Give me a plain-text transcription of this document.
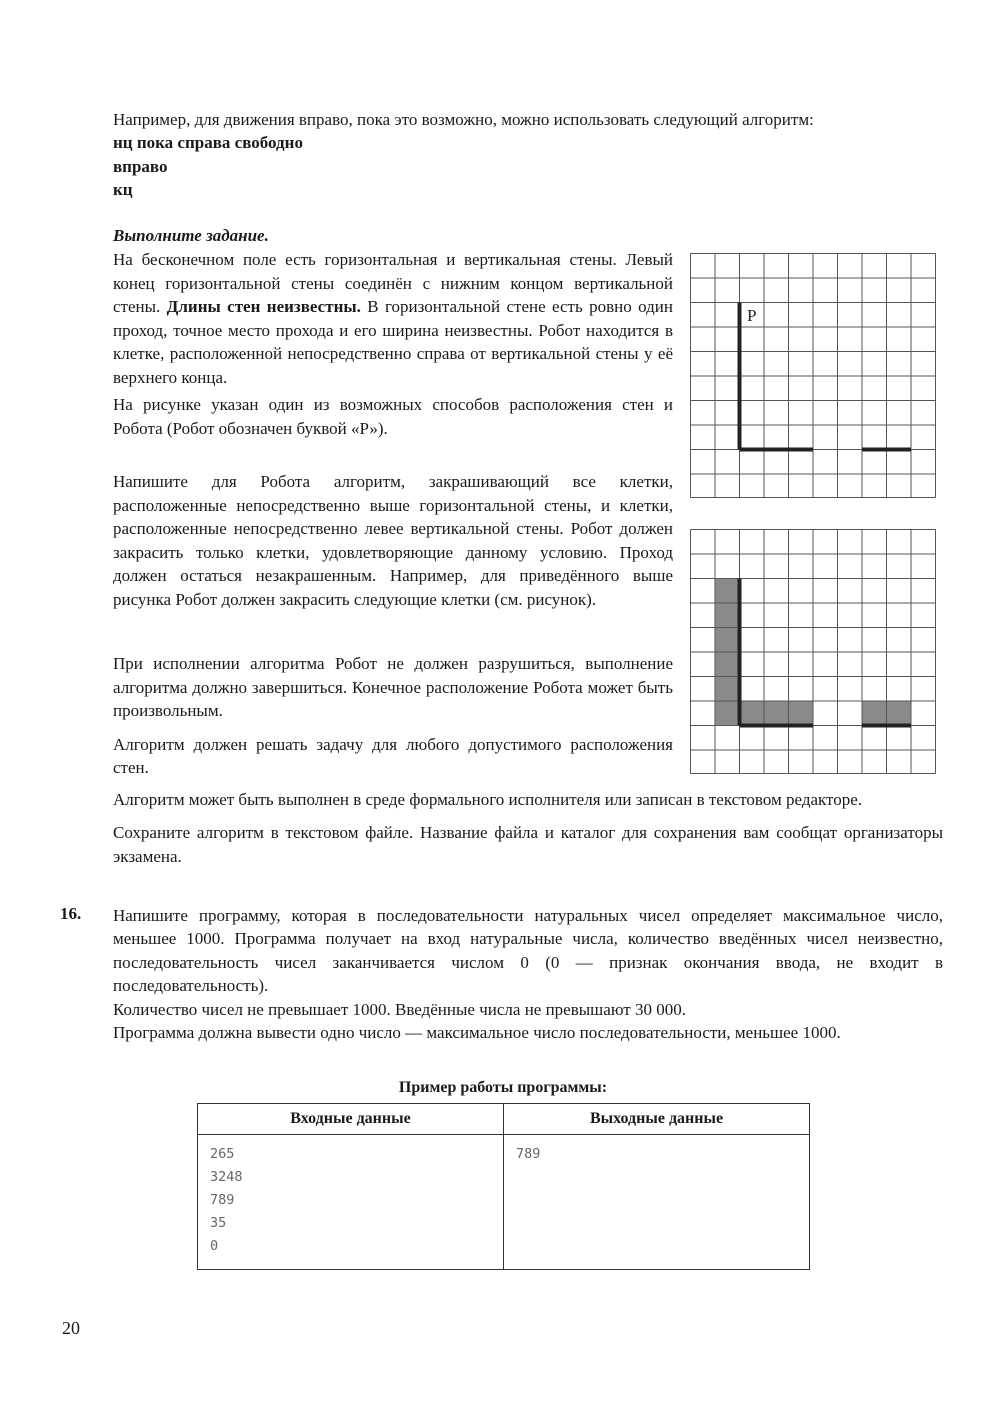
Например, для движения вправо, пока это возможно, можно использовать следующий алгоритм:

нц пока справа свободно

вправо

кц

Выполните задание.

На бесконечном поле есть горизонтальная и вертикальная стены. Левый конец горизонтальной стены соединён с нижним концом вертикальной стены. Длины стен неизвестны. В горизонтальной стене есть ровно один проход, точное место прохода и его ширина неизвестны. Робот находится в клетке, расположенной непосредственно справа от вертикальной стены у её верхнего конца.

На рисунке указан один из возможных способов расположения стен и Робота (Робот обозначен буквой «Р»).

Напишите для Робота алгоритм, закрашивающий все клетки, расположенные непосредственно выше горизонтальной стены, и клетки, расположенные непосредственно левее вертикальной стены. Робот должен закрасить только клетки, удовлетворяющие данному условию. Проход должен остаться незакрашенным. Например, для приведённого выше рисунка Робот должен закрасить следующие клетки (см. рисунок).

При исполнении алгоритма Робот не должен разрушиться, выполнение алгоритма должно завершиться. Конечное расположение Робота может быть произвольным.

Алгоритм должен решать задачу для любого допустимого расположения стен.

Алгоритм может быть выполнен в среде формального исполнителя или записан в текстовом редакторе.

Сохраните алгоритм в текстовом файле. Название файла и каталог для сохранения вам сообщат организаторы экзамена.

Р
16. Напишите программу, которая в последовательности натуральных чисел определяет максимальное число, меньшее 1000. Программа получает на вход натуральные числа, количество введённых чисел неизвестно, последовательность чисел заканчивается числом 0 (0 — признак окончания ввода, не входит в последовательность).

Количество чисел не превышает 1000. Введённые числа не превышают 30 000.

Программа должна вывести одно число — максимальное число последовательности, меньшее 1000.

Пример работы программы:
Входные данные	Выходные данные

265
3248
789
35
0	789
20
